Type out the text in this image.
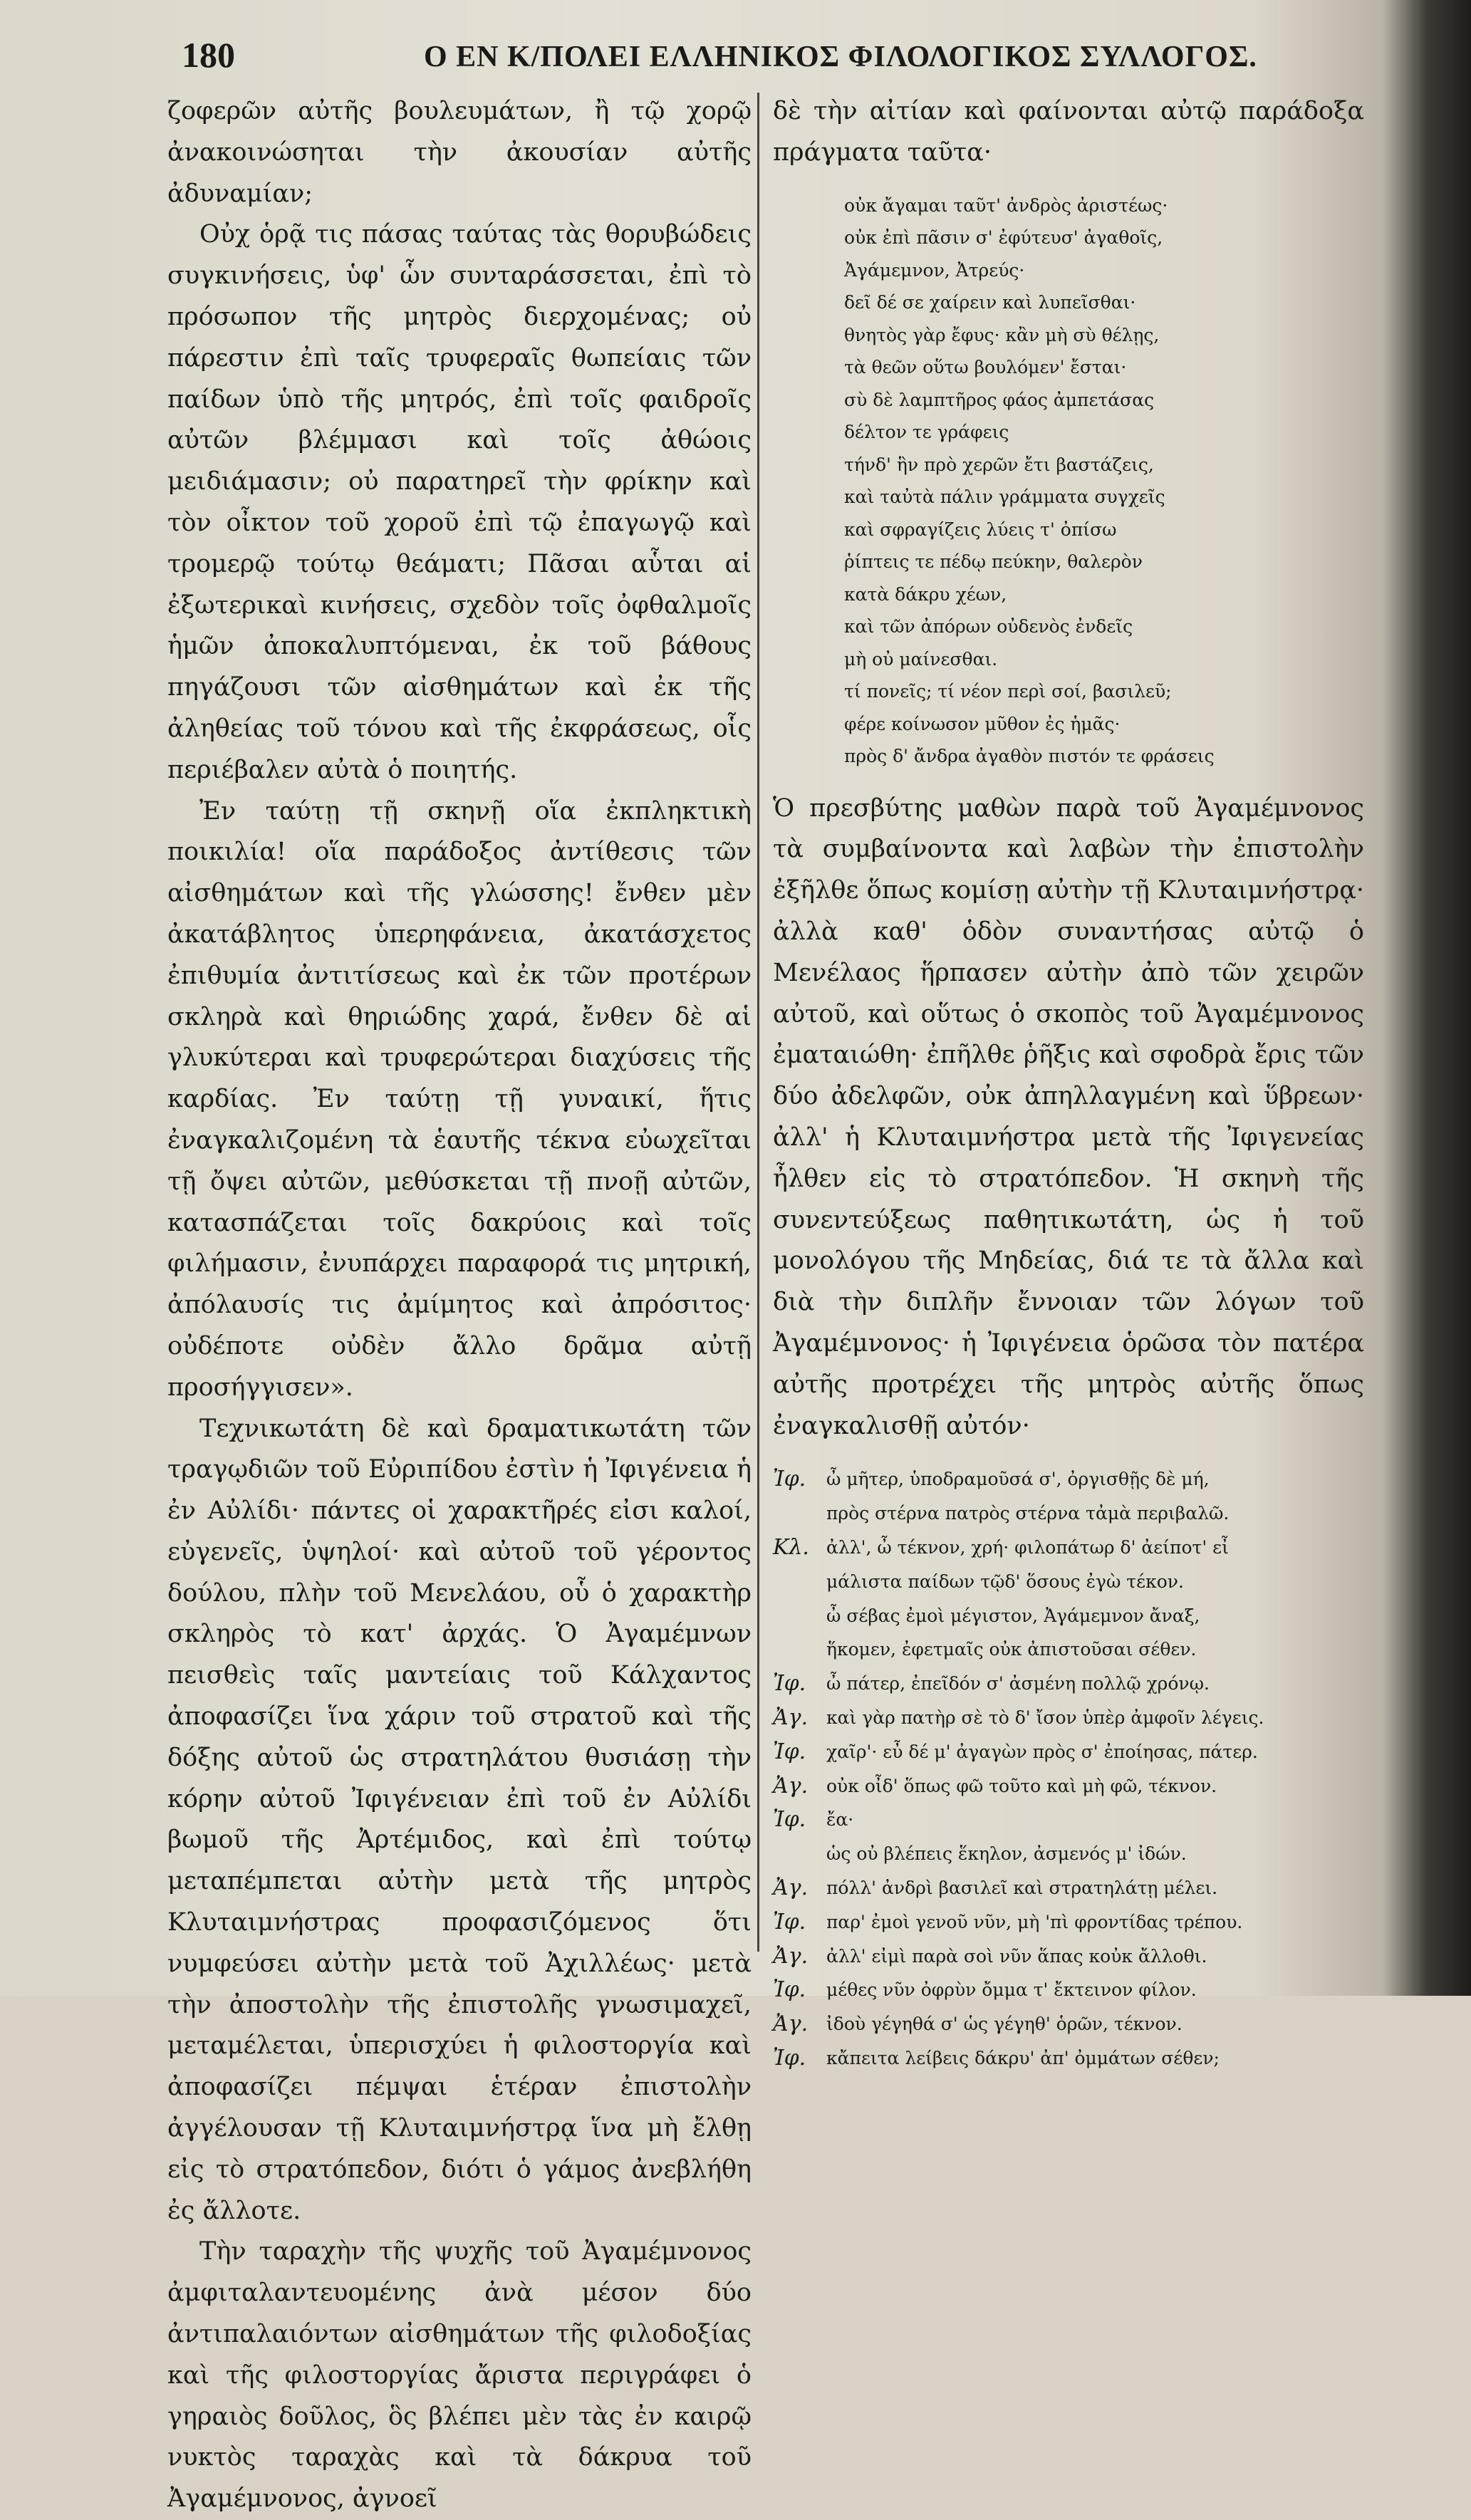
180	Ο ΕΝ Κ/ΠΟΛΕΙ ΕΛΛΗΝΙΚΟΣ ΦΙΛΟΛΟΓΙΚΟΣ ΣΥΛΛΟΓΟΣ.

ζοφερῶν αὐτῆς βουλευμάτων, ἢ τῷ χορῷ ἀνακοινώσηται τὴν ἀκουσίαν αὐτῆς ἀδυναμίαν;

Οὐχ ὁρᾷ τις πάσας ταύτας τὰς θορυβώδεις συγκινήσεις, ὑφ' ὧν συνταράσσεται, ἐπὶ τὸ πρόσωπον τῆς μητρὸς διερχομένας; οὐ πάρεστιν ἐπὶ ταῖς τρυφεραῖς θωπείαις τῶν παίδων ὑπὸ τῆς μητρός, ἐπὶ τοῖς φαιδροῖς αὐτῶν βλέμμασι καὶ τοῖς ἀθώοις μειδιάμασιν; οὐ παρατηρεῖ τὴν φρίκην καὶ τὸν οἶκτον τοῦ χοροῦ ἐπὶ τῷ ἐπαγωγῷ καὶ τρομερῷ τούτῳ θεάματι; Πᾶσαι αὗται αἱ ἐξωτερικαὶ κινήσεις, σχεδὸν τοῖς ὀφθαλμοῖς ἡμῶν ἀποκαλυπτόμεναι, ἐκ τοῦ βάθους πηγάζουσι τῶν αἰσθημάτων καὶ ἐκ τῆς ἀληθείας τοῦ τόνου καὶ τῆς ἐκφράσεως, οἷς περιέβαλεν αὐτὰ ὁ ποιητής.

Ἐν ταύτῃ τῇ σκηνῇ οἵα ἐκπληκτικὴ ποικιλία! οἵα παράδοξος ἀντίθεσις τῶν αἰσθημάτων καὶ τῆς γλώσσης! ἔνθεν μὲν ἀκατάβλητος ὑπερηφάνεια, ἀκατάσχετος ἐπιθυμία ἀντιτίσεως καὶ ἐκ τῶν προτέρων σκληρὰ καὶ θηριώδης χαρά, ἔνθεν δὲ αἱ γλυκύτεραι καὶ τρυφερώτεραι διαχύσεις τῆς καρδίας. Ἐν ταύτῃ τῇ γυναικί, ἥτις ἐναγκαλιζομένη τὰ ἑαυτῆς τέκνα εὐωχεῖται τῇ ὄψει αὐτῶν, μεθύσκεται τῇ πνοῇ αὐτῶν, κατασπάζεται τοῖς δακρύοις καὶ τοῖς φιλήμασιν, ἐνυπάρχει παραφορά τις μητρική, ἀπόλαυσίς τις ἀμίμητος καὶ ἀπρόσιτος· οὐδέποτε οὐδὲν ἄλλο δρᾶμα αὐτῇ προσήγγισεν».

Τεχνικωτάτη δὲ καὶ δραματικωτάτη τῶν τραγῳδιῶν τοῦ Εὐριπίδου ἐστὶν ἡ Ἰφιγένεια ἡ ἐν Αὐλίδι· πάντες οἱ χαρακτῆρές εἰσι καλοί, εὐγενεῖς, ὑψηλοί· καὶ αὐτοῦ τοῦ γέροντος δούλου, πλὴν τοῦ Μενελάου, οὗ ὁ χαρακτὴρ σκληρὸς τὸ κατ' ἀρχάς. Ὁ Ἀγαμέμνων πεισθεὶς ταῖς μαντείαις τοῦ Κάλχαντος ἀποφασίζει ἵνα χάριν τοῦ στρατοῦ καὶ τῆς δόξης αὐτοῦ ὡς στρατηλάτου θυσιάσῃ τὴν κόρην αὐτοῦ Ἰφιγένειαν ἐπὶ τοῦ ἐν Αὐλίδι βωμοῦ τῆς Ἀρτέμιδος, καὶ ἐπὶ τούτῳ μεταπέμπεται αὐτὴν μετὰ τῆς μητρὸς Κλυταιμνήστρας προφασιζόμενος ὅτι νυμφεύσει αὐτὴν μετὰ τοῦ Ἀχιλλέως· μετὰ τὴν ἀποστολὴν τῆς ἐπιστολῆς γνωσιμαχεῖ, μεταμέλεται, ὑπερισχύει ἡ φιλοστοργία καὶ ἀποφασίζει πέμψαι ἑτέραν ἐπιστολὴν ἀγγέλουσαν τῇ Κλυταιμνήστρᾳ ἵνα μὴ ἔλθῃ εἰς τὸ στρατόπεδον, διότι ὁ γάμος ἀνεβλήθη ἐς ἄλλοτε.

Τὴν ταραχὴν τῆς ψυχῆς τοῦ Ἀγαμέμνονος ἀμφιταλαντευομένης ἀνὰ μέσον δύο ἀντιπαλαιόντων αἰσθημάτων τῆς φιλοδοξίας καὶ τῆς φιλοστοργίας ἄριστα περιγράφει ὁ γηραιὸς δοῦλος, ὃς βλέπει μὲν τὰς ἐν καιρῷ νυκτὸς ταραχὰς καὶ τὰ δάκρυα τοῦ Ἀγαμέμνονος, ἀγνοεῖ

δὲ τὴν αἰτίαν καὶ φαίνονται αὐτῷ παράδοξα πράγματα ταῦτα·

οὐκ ἄγαμαι ταῦτ' ἀνδρὸς ἀριστέως·
οὐκ ἐπὶ πᾶσιν σ' ἐφύτευσ' ἀγαθοῖς,
Ἀγάμεμνον, Ἀτρεύς·
δεῖ δέ σε χαίρειν καὶ λυπεῖσθαι·
θνητὸς γὰρ ἔφυς· κἂν μὴ σὺ θέλῃς,
τὰ θεῶν οὕτω βουλόμεν' ἔσται·
σὺ δὲ λαμπτῆρος φάος ἀμπετάσας
δέλτον τε γράφεις
τήνδ' ἣν πρὸ χερῶν ἔτι βαστάζεις,
καὶ ταὐτὰ πάλιν γράμματα συγχεῖς
καὶ σφραγίζεις λύεις τ' ὀπίσω
ῥίπτεις τε πέδῳ πεύκην, θαλερὸν
κατὰ δάκρυ χέων,
καὶ τῶν ἀπόρων οὐδενὸς ἐνδεῖς
μὴ οὐ μαίνεσθαι.
τί πονεῖς; τί νέον περὶ σοί, βασιλεῦ;
φέρε κοίνωσον μῦθον ἐς ἡμᾶς·
πρὸς δ' ἄνδρα ἀγαθὸν πιστόν τε φράσεις

Ὁ πρεσβύτης μαθὼν παρὰ τοῦ Ἀγαμέμνονος τὰ συμβαίνοντα καὶ λαβὼν τὴν ἐπιστολὴν ἐξῆλθε ὅπως κομίσῃ αὐτὴν τῇ Κλυταιμνήστρᾳ· ἀλλὰ καθ' ὁδὸν συναντήσας αὐτῷ ὁ Μενέλαος ἥρπασεν αὐτὴν ἀπὸ τῶν χειρῶν αὐτοῦ, καὶ οὕτως ὁ σκοπὸς τοῦ Ἀγαμέμνονος ἐματαιώθη· ἐπῆλθε ῥῆξις καὶ σφοδρὰ ἔρις τῶν δύο ἀδελφῶν, οὐκ ἀπηλλαγμένη καὶ ὕβρεων· ἀλλ' ἡ Κλυταιμνήστρα μετὰ τῆς Ἰφιγενείας ἦλθεν εἰς τὸ στρατόπεδον. Ἡ σκηνὴ τῆς συνεντεύξεως παθητικωτάτη, ὡς ἡ τοῦ μονολόγου τῆς Μηδείας, διά τε τὰ ἄλλα καὶ διὰ τὴν διπλῆν ἔννοιαν τῶν λόγων τοῦ Ἀγαμέμνονος· ἡ Ἰφιγένεια ὁρῶσα τὸν πατέρα αὐτῆς προτρέχει τῆς μητρὸς αὐτῆς ὅπως ἐναγκαλισθῇ αὐτόν·

Ἰφ.	ὦ μῆτερ, ὑποδραμοῦσά σ', ὀργισθῇς δὲ μή,
πρὸς στέρνα πατρὸς στέρνα τἀμὰ περιβαλῶ.
Κλ. ἀλλ', ὦ τέκνον, χρή· φιλοπάτωρ δ' ἀείποτ' εἶ
μάλιστα παίδων τῷδ' ὅσους ἐγὼ τέκον.
ὦ σέβας ἐμοὶ μέγιστον, Ἀγάμεμνον ἄναξ,
ἥκομεν, ἐφετμαῖς οὐκ ἀπιστοῦσαι σέθεν.
Ἰφ.	ὦ πάτερ, ἐπεῖδόν σ' ἀσμένη πολλῷ χρόνῳ.
Ἀγ.	καὶ γὰρ πατὴρ σὲ τὸ δ' ἴσον ὑπὲρ ἀμφοῖν λέγεις.
Ἰφ.	χαῖρ'· εὖ δέ μ' ἀγαγὼν πρὸς σ' ἐποίησας, πάτερ.
Ἀγ.	οὐκ οἶδ' ὅπως φῶ τοῦτο καὶ μὴ φῶ, τέκνον.
Ἰφ.	ἔα·
ὡς οὐ βλέπεις ἕκηλον, ἀσμενός μ' ἰδών.
Ἀγ.	πόλλ' ἀνδρὶ βασιλεῖ καὶ στρατηλάτῃ μέλει.
Ἰφ.	παρ' ἐμοὶ γενοῦ νῦν, μὴ 'πὶ φροντίδας τρέπου.
Ἀγ.	ἀλλ' εἰμὶ παρὰ σοὶ νῦν ἅπας κοὐκ ἄλλοθι.
Ἰφ.	μέθες νῦν ὀφρὺν ὄμμα τ' ἔκτεινον φίλον.
Ἀγ.	ἰδοὺ γέγηθά σ' ὡς γέγηθ' ὁρῶν, τέκνον.
Ἰφ.	κἄπειτα λείβεις δάκρυ' ἀπ' ὀμμάτων σέθεν;
